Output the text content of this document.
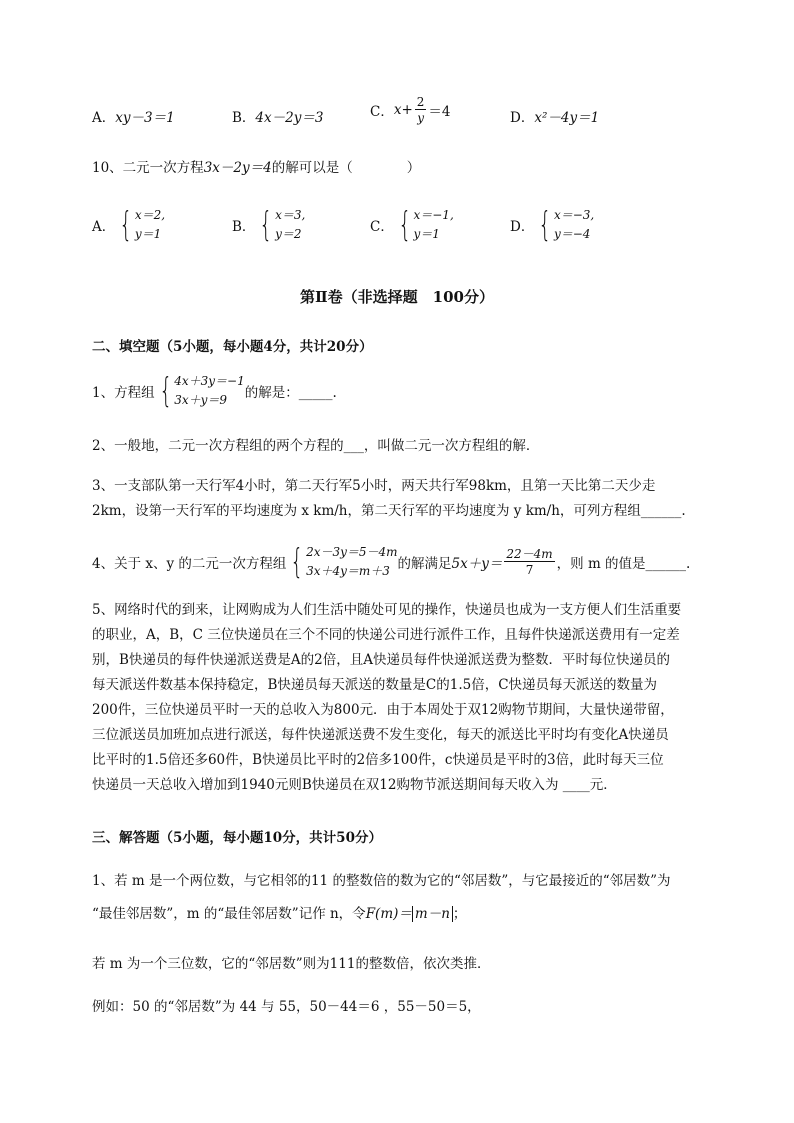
A．xy－3＝1	B．4x－2y＝3	C． $x+ \frac{2}{y} =4$	D．x²－4y＝1
10、二元一次方程3x－2y＝4的解可以是（　　　　）
A． { x＝2,
y＝1	B． { x＝3,
y＝2	C． { x＝−1,
y＝1	D． { x＝−3,
y＝−4
第Ⅱ卷（非选择题　100分）
二、填空题（5小题，每小题4分，共计20分）
1、方程组 { 4x＋3y＝−1
3x＋y＝9	的解是：_____.
2、一般地，二元一次方程组的两个方程的___，叫做二元一次方程组的解．
3、一支部队第一天行军4小时，第二天行军5小时，两天共行军98km，且第一天比第二天少走
2km，设第一天行军的平均速度为 x km/h，第二天行军的平均速度为 y km/h，可列方程组______.
4、关于 x、y 的二元一次方程组 { 2x－3y＝5－4m
3x＋4y＝m＋3 的解满足 $5x+y= \frac{22-4m}{7}$ ，则 m 的值是______.
5、网络时代的到来，让网购成为人们生活中随处可见的操作，快递员也成为一支方便人们生活重要
的职业，A，B，C 三位快递员在三个不同的快递公司进行派件工作，且每件快递派送费用有一定差
别，B快递员的每件快递派送费是A的2倍，且A快递员每件快递派送费为整数．平时每位快递员的
每天派送件数基本保持稳定，B快递员每天派送的数量是C的1.5倍，C快递员每天派送的数量为
200件，三位快递员平时一天的总收入为800元．由于本周处于双12购物节期间，大量快递带留，
三位派送员加班加点进行派送，每件快递派送费不发生变化，每天的派送比平时均有变化A快递员
比平时的1.5倍还多60件，B快递员比平时的2倍多100件，c快递员是平时的3倍，此时每天三位
快递员一天总收入增加到1940元则B快递员在双12购物节派送期间每天收入为 ____元．
三、解答题（5小题，每小题10分，共计50分）
1、若 m 是一个两位数，与它相邻的11 的整数倍的数为它的“邻居数”，与它最接近的“邻居数”为
“最佳邻居数”，m 的“最佳邻居数”记作 n，令F(m)＝ m－n ；
若 m 为一个三位数，它的“邻居数”则为111的整数倍，依次类推．
例如：50 的“邻居数”为 44 与 55，50－44＝6 ，55－50＝5，
